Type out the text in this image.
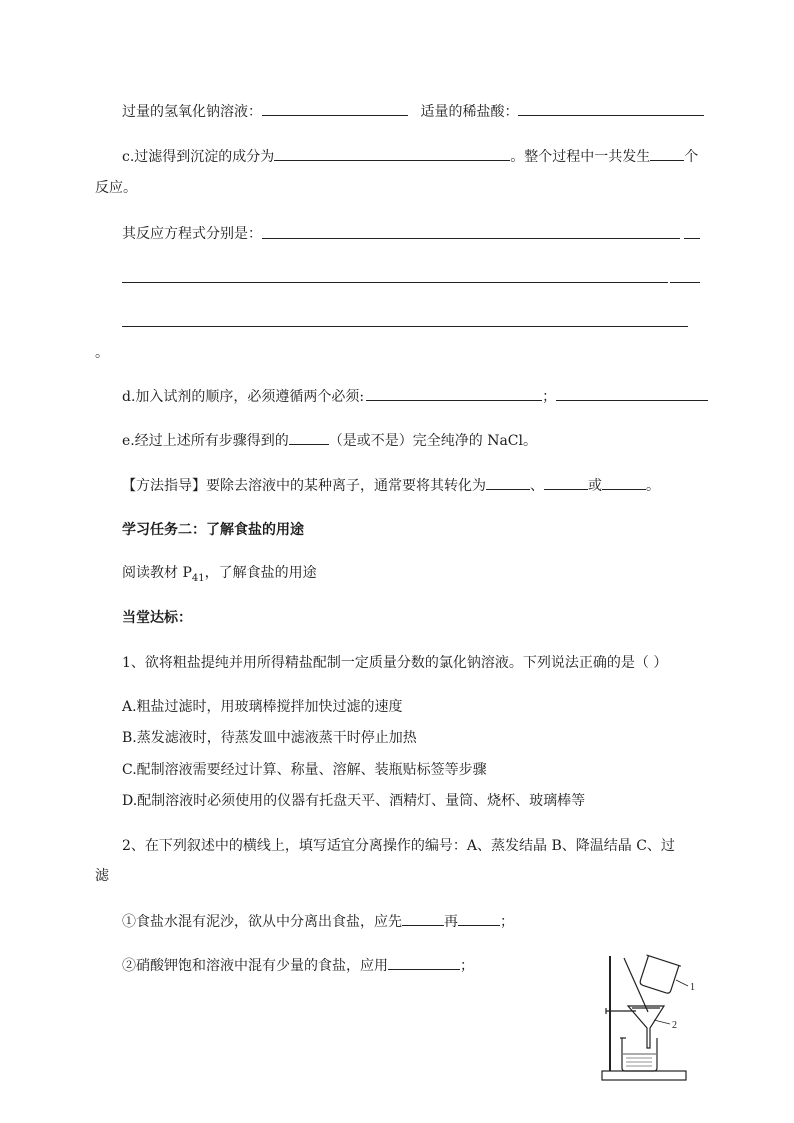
过量的氢氧化钠溶液：	适量的稀盐酸：
c.过滤得到沉淀的成分为	。整个过程中一共发生 个
反应。
其反应方程式分别是：
。
d.加入试剂的顺序，必须遵循两个必须:	；
e.经过上述所有步骤得到的	（是或不是）完全纯净的 NaCl。
【方法指导】要除去溶液中的某种离子，通常要将其转化为	、	或	。
学习任务二：了解食盐的用途
阅读教材 $P_{41}$，了解食盐的用途
当堂达标：
1、欲将粗盐提纯并用所得精盐配制一定质量分数的氯化钠溶液。下列说法正确的是（ ）
A.粗盐过滤时，用玻璃棒搅拌加快过滤的速度
B.蒸发滤液时，待蒸发皿中滤液蒸干时停止加热
C.配制溶液需要经过计算、称量、溶解、装瓶贴标签等步骤
D.配制溶液时必须使用的仪器有托盘天平、酒精灯、量筒、烧杯、玻璃棒等
2、在下列叙述中的横线上，填写适宜分离操作的编号：A、蒸发结晶 B、降温结晶 C、过
滤
①食盐水混有泥沙，欲从中分离出食盐，应先	再	；
②硝酸钾饱和溶液中混有少量的食盐，应用	；
1
2
